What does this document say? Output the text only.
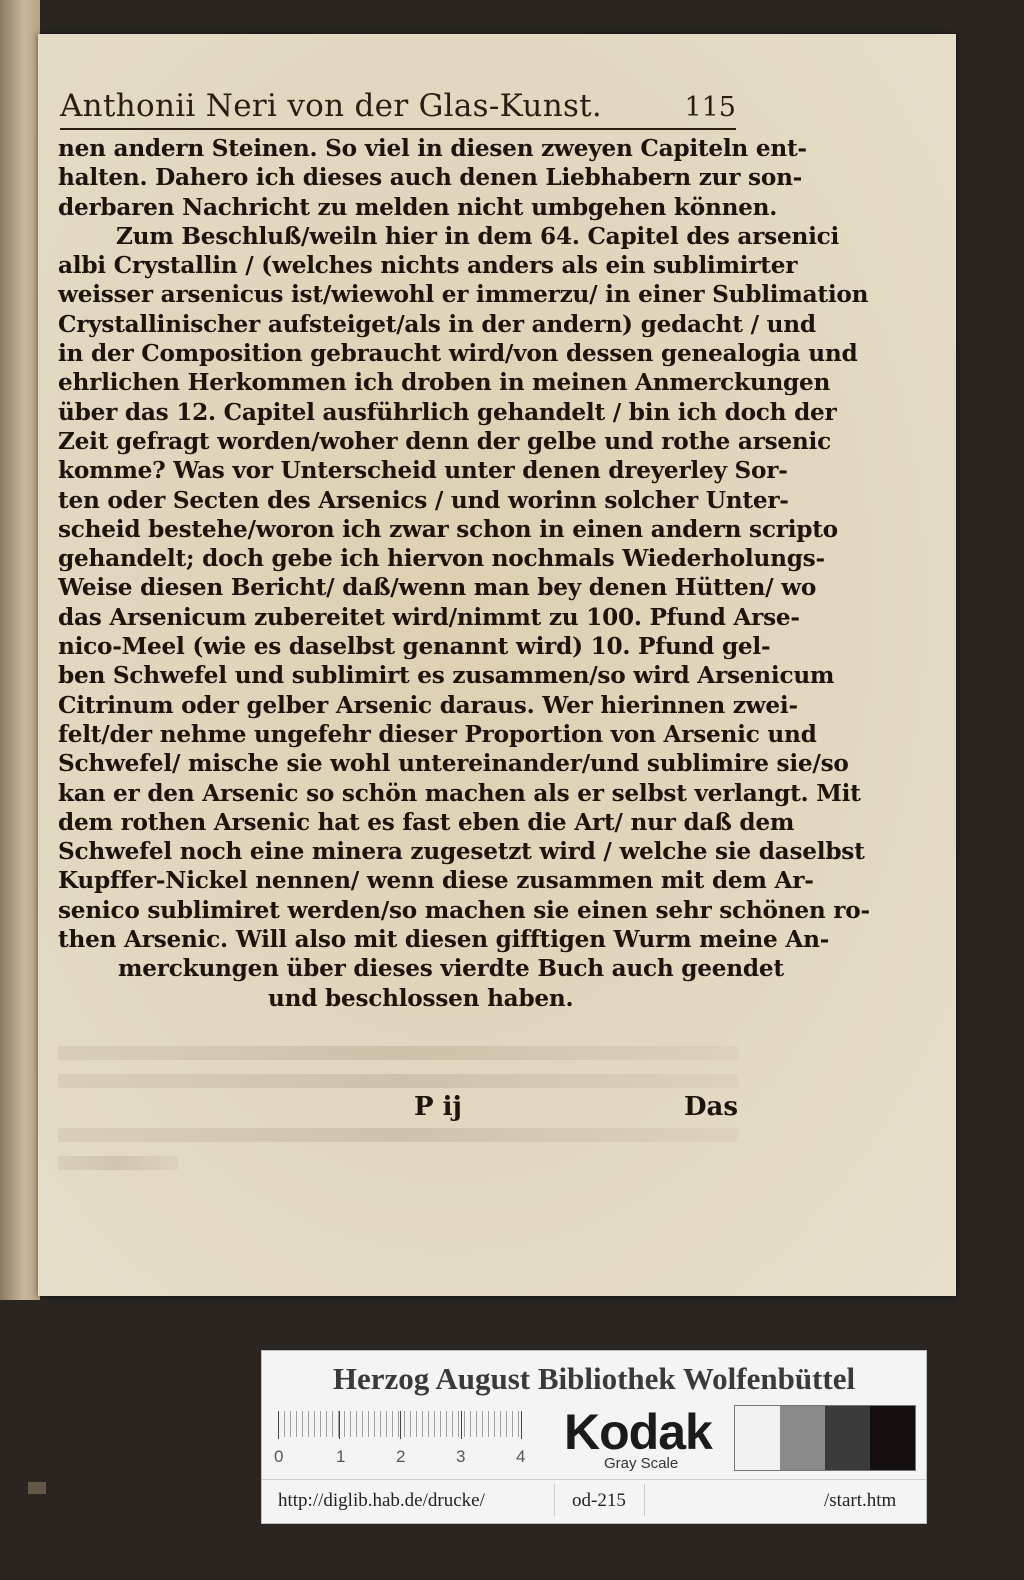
Anthonii Neri von der Glas-Kunst.	115
nen andern Steinen. So viel in diesen zweyen Capiteln ent-
halten. Dahero ich dieses auch denen Liebhabern zur son-
derbaren Nachricht zu melden nicht umbgehen können.
Zum Beschluß/weiln hier in dem 64. Capitel des arsenici
albi Crystallin / (welches nichts anders als ein sublimirter
weisser arsenicus ist/wiewohl er immerzu/ in einer Sublimation
Crystallinischer aufsteiget/als in der andern) gedacht / und
in der Composition gebraucht wird/von dessen genealogia und
ehrlichen Herkommen ich droben in meinen Anmerckungen
über das 12. Capitel ausführlich gehandelt / bin ich doch der
Zeit gefragt worden/woher denn der gelbe und rothe arsenic
komme? Was vor Unterscheid unter denen dreyerley Sor-
ten oder Secten des Arsenics / und worinn solcher Unter-
scheid bestehe/woron ich zwar schon in einen andern scripto
gehandelt; doch gebe ich hiervon nochmals Wiederholungs-
Weise diesen Bericht/ daß/wenn man bey denen Hütten/ wo
das Arsenicum zubereitet wird/nimmt zu 100. Pfund Arse-
nico-Meel (wie es daselbst genannt wird) 10. Pfund gel-
ben Schwefel und sublimirt es zusammen/so wird Arsenicum
Citrinum oder gelber Arsenic daraus. Wer hierinnen zwei-
felt/der nehme ungefehr dieser Proportion von Arsenic und
Schwefel/ mische sie wohl untereinander/und sublimire sie/so
kan er den Arsenic so schön machen als er selbst verlangt. Mit
dem rothen Arsenic hat es fast eben die Art/ nur daß dem
Schwefel noch eine minera zugesetzt wird / welche sie daselbst
Kupffer-Nickel nennen/ wenn diese zusammen mit dem Ar-
senico sublimiret werden/so machen sie einen sehr schönen ro-
then Arsenic. Will also mit diesen gifftigen Wurm meine An-
merckungen über dieses vierdte Buch auch geendet
und beschlossen haben.
P ij	Das
Herzog August Bibliothek Wolfenbüttel
0	1	2	3	4 Kodak
Gray Scale
http://diglib.hab.de/drucke/	od-215	/start.htm
